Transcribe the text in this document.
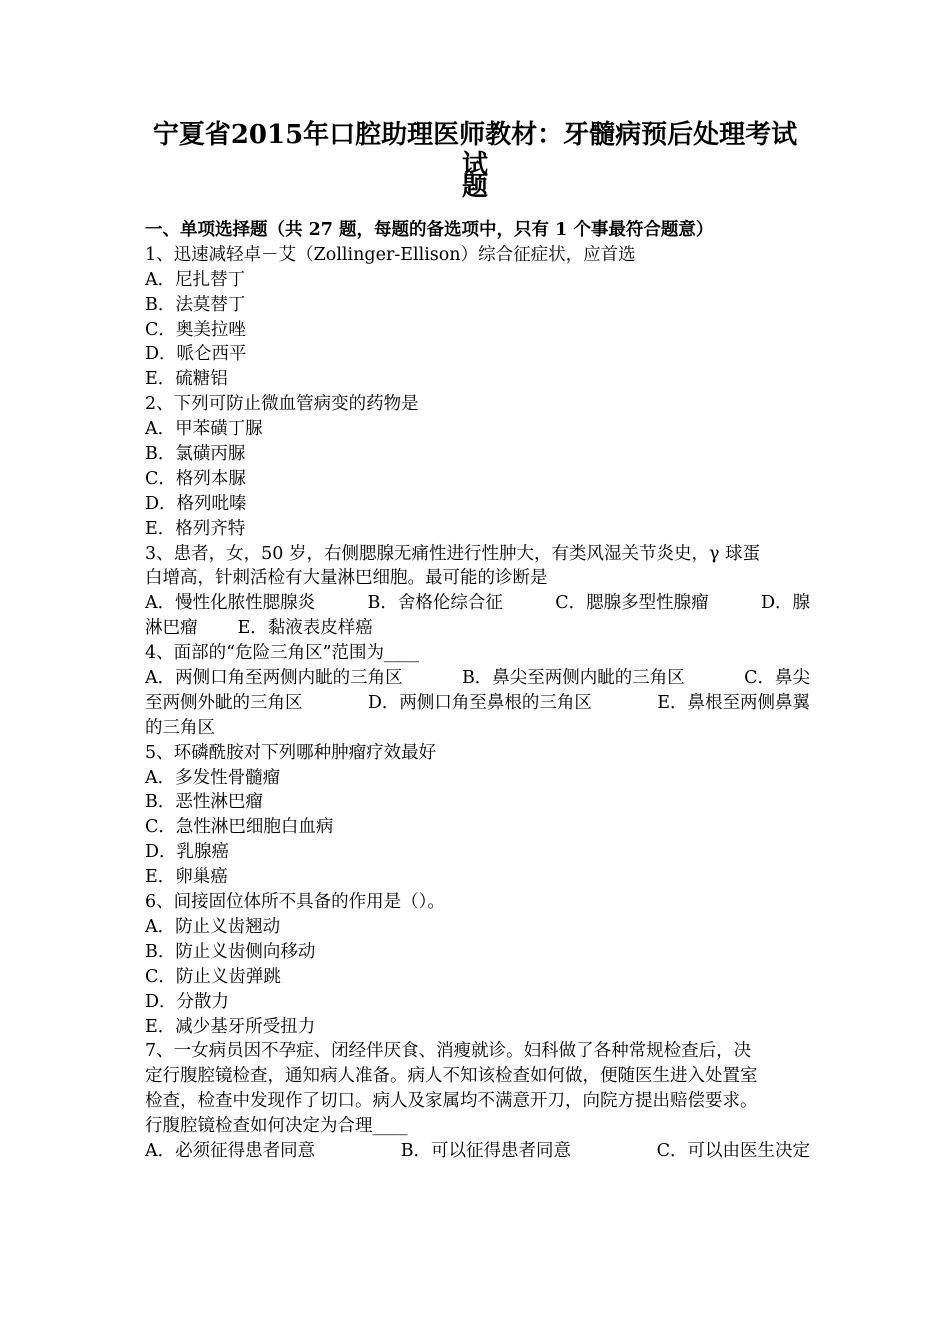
宁夏省2015年口腔助理医师教材：牙髓病预后处理考试试
题
一、单项选择题（共 27 题，每题的备选项中，只有 1 个事最符合题意）
1、迅速减轻卓－艾（Zollinger-Ellison）综合征症状，应首选
A．尼扎替丁
B．法莫替丁
C．奥美拉唑
D．哌仑西平
E．硫糖铝
2、下列可防止微血管病变的药物是
A．甲苯磺丁脲
B．氯磺丙脲
C．格列本脲
D．格列吡嗪
E．格列齐特
3、患者，女，50 岁，右侧腮腺无痛性进行性肿大，有类风湿关节炎史，γ 球蛋
白增高，针刺活检有大量淋巴细胞。最可能的诊断是
A．慢性化脓性腮腺炎	B．舍格伦综合征	C．腮腺多型性腺瘤	D．腺
淋巴瘤 E．黏液表皮样癌
4、面部的“危险三角区”范围为____
A．两侧口角至两侧内眦的三角区	B．鼻尖至两侧内眦的三角区	C．鼻尖
至两侧外眦的三角区	D．两侧口角至鼻根的三角区	E．鼻根至两侧鼻翼
的三角区
5、环磷酰胺对下列哪种肿瘤疗效最好
A．多发性骨髓瘤
B．恶性淋巴瘤
C．急性淋巴细胞白血病
D．乳腺癌
E．卵巢癌
6、间接固位体所不具备的作用是（）。
A．防止义齿翘动
B．防止义齿侧向移动
C．防止义齿弹跳
D．分散力
E．减少基牙所受扭力
7、一女病员因不孕症、闭经伴厌食、消瘦就诊。妇科做了各种常规检查后，决
定行腹腔镜检查，通知病人准备。病人不知该检查如何做，便随医生进入处置室
检查，检查中发现作了切口。病人及家属均不满意开刀，向院方提出赔偿要求。
行腹腔镜检查如何决定为合理____
A．必须征得患者同意	B．可以征得患者同意	C．可以由医生决定
